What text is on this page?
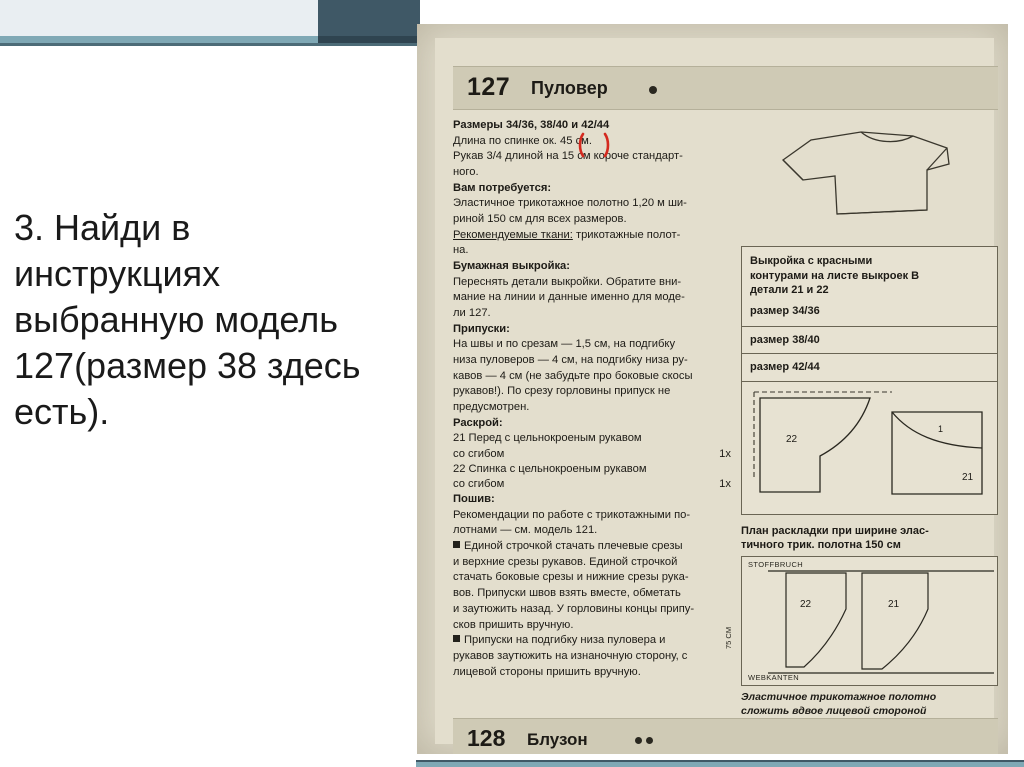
3. Найди в инструкциях выбранную модель 127(размер 38 здесь есть).
127 Пуловер

Размеры 34/36, 38/40 и 42/44

Длина по спинке ок. 45 см.

Рукав 3/4 длиной на 15 см короче стандарт-

ного.

Вам потребуется:

Эластичное трикотажное полотно 1,20 м ши-

риной 150 см для всех размеров.

Рекомендуемые ткани: трикотажные полот-

на.

Бумажная выкройка:

Переснять детали выкройки. Обратите вни-

мание на линии и данные именно для моде-

ли 127.

Припуски:

На швы и по срезам — 1,5 см, на подгибку

низа пуловеров — 4 см, на подгибку низа ру-

кавов — 4 см (не забудьте про боковые скосы

рукавов!). По срезу горловины припуск не

предусмотрен.

Раскрой:

21 Перед с цельнокроеным рукавом

со сгибом	1х

22 Спинка с цельнокроеным рукавом

со сгибом	1х

Пошив:

Рекомендации по работе с трикотажными по-

лотнами — см. модель 121.

Единой строчкой стачать плечевые срезы

и верхние срезы рукавов. Единой строчкой

стачать боковые срезы и нижние срезы рука-

вов. Припуски швов взять вместе, обметать

и заутюжить назад. У горловины концы припу-

сков пришить вручную.

Припуски на подгибку низа пуловера и

рукавов заутюжить на изнаночную сторону, с

лицевой стороны пришить вручную.

Выкройка с красными
контурами на листе выкроек В
детали 21 и 22
размер 34/36
размер 38/40
размер 42/44
22
1
21
План раскладки при ширине элас-
тичного трик. полотна 150 см
STOFFBRUCH
WEBKANTEN
75 CM
22	21
Эластичное трикотажное полотно
сложить вдвое лицевой стороной
128 Блузон
